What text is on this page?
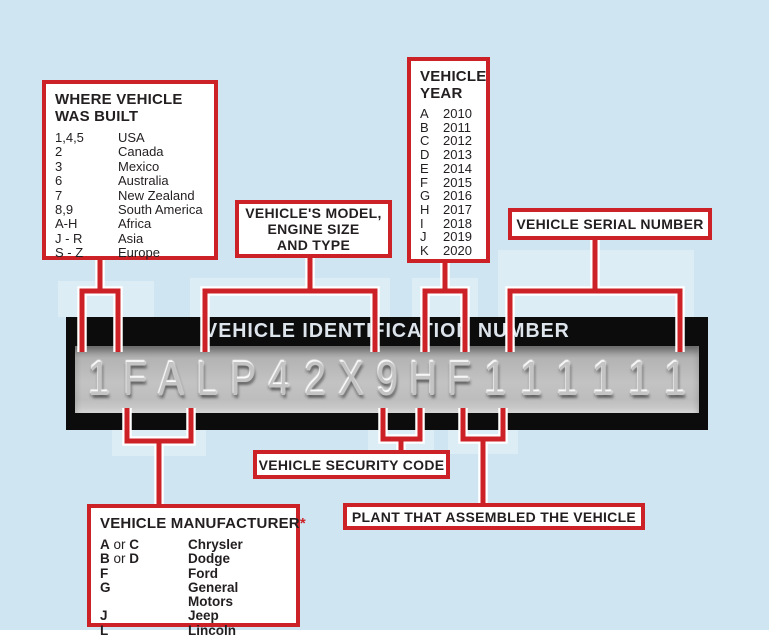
VEHICLE IDENTIFICATION NUMBER
1 F A L P 4 2 X 9 H F 1 1 1 1 1 1
WHERE VEHICLE
WAS BUILT
1,4,5	USA
2	Canada
3	Mexico
6	Australia
7	New Zealand
8,9	South America
A-H	Africa
J - R	Asia
S - Z	Europe
VEHICLE'S MODEL,
ENGINE SIZE
AND TYPE
VEHICLE
YEAR
A	2010
B	2011
C	2012
D	2013
E	2014
F	2015
G 2016
H	2017
I	2018
J	2019
K	2020
VEHICLE SERIAL NUMBER
VEHICLE SECURITY CODE
PLANT THAT ASSEMBLED THE VEHICLE
VEHICLE MANUFACTURER*
A or C	Chrysler
B or D	Dodge
F	Ford
G	General Motors
J	Jeep
L	Lincoln
